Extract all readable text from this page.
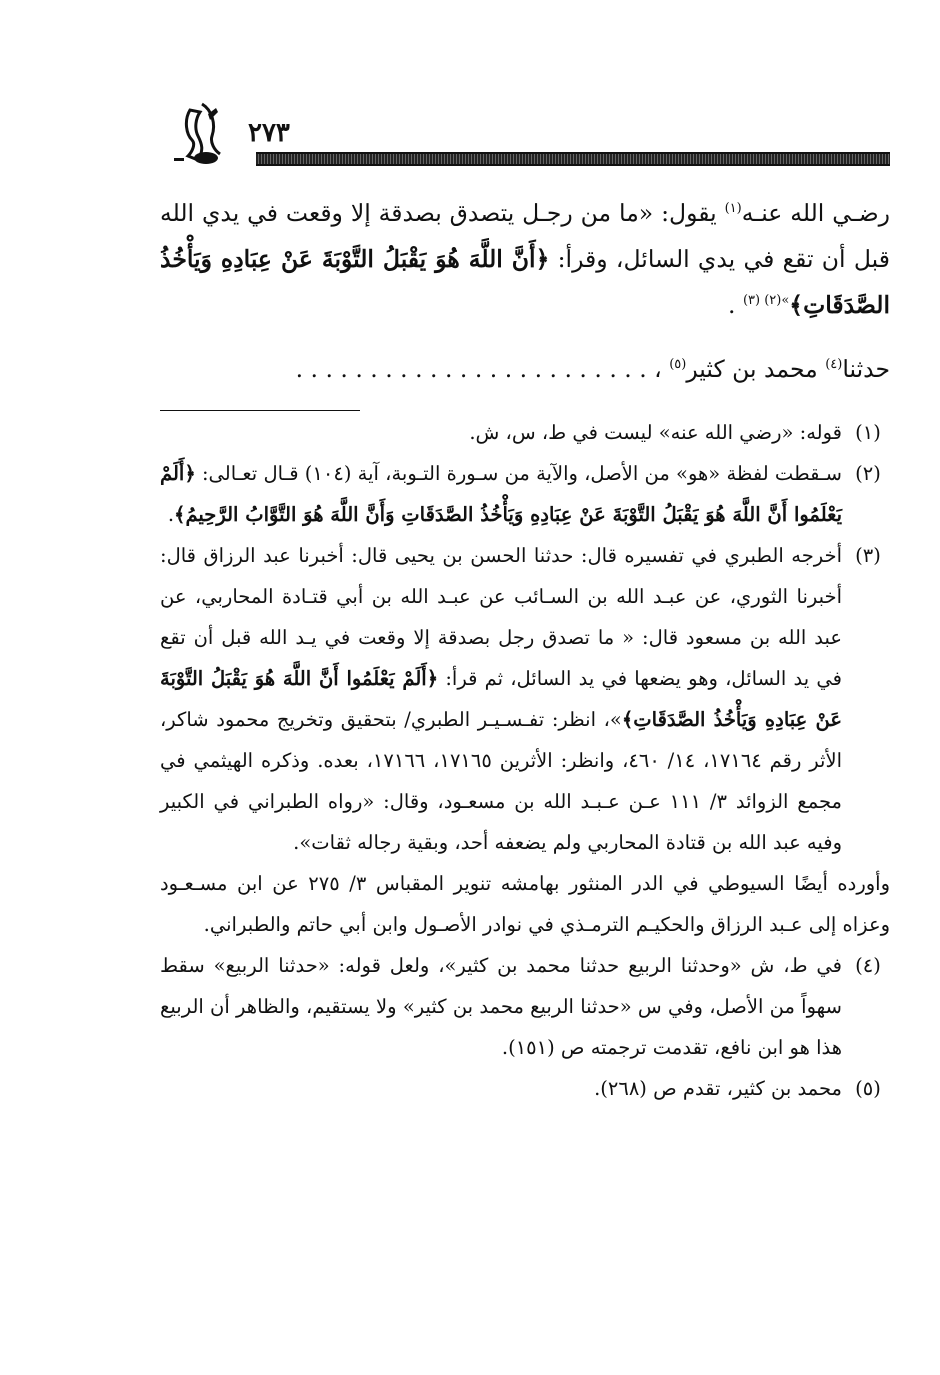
٢٧٣

رضـي الله عنـه$^{(١)}$ يقول: «ما من رجـل يتصدق بصدقة إلا وقعت في يدي الله قبل أن تقع في يدي السائل، وقرأ: ﴿أَنَّ اللَّهَ هُوَ يَقْبَلُ التَّوْبَةَ عَنْ عِبَادِهِ وَيَأْخُذُ الصَّدَقَاتِ﴾$^{»(٢) (٣)}$ .

حدثنا$^{(٤)}$ محمد بن كثير$^{(٥)}$ ، . . . . . . . . . . . . . . . . . . . . . . . .

(١)
قوله: «رضي الله عنه» ليست في ط، س، ش.

(٢)
سـقطت لفظة «هو» من الأصل، والآية من سـورة التـوبة، آية (١٠٤) قـال تعـالى: ﴿أَلَمْ يَعْلَمُوا أَنَّ اللَّهَ هُوَ يَقْبَلُ التَّوْبَةَ عَنْ عِبَادِهِ وَيَأْخُذُ الصَّدَقَاتِ وَأَنَّ اللَّهَ هُوَ التَّوَّابُ الرَّحِيمُ﴾.

(٣)
أخرجه الطبري في تفسيره قال: حدثنا الحسن بن يحيى قال: أخبرنا عبد الرزاق قال: أخبرنا الثوري، عن عبـد الله بن السـائب عن عبـد الله بن أبي قتـادة المحاربي، عن عبد الله بن مسعود قال: « ما تصدق رجل بصدقة إلا وقعت في يـد الله قبل أن تقع في يد السائل، وهو يضعها في يد السائل، ثم قرأ: ﴿أَلَمْ يَعْلَمُوا أَنَّ اللَّهَ هُوَ يَقْبَلُ التَّوْبَةَ عَنْ عِبَادِهِ وَيَأْخُذُ الصَّدَقَاتِ﴾»، انظر: تفـسـيـر الطبري/ بتحقيق وتخريج محمود شاكر، الأثر رقم ١٧١٦٤، ١٤/ ٤٦٠، وانظر: الأثرين ١٧١٦٥، ١٧١٦٦، بعده. وذكره الهيثمي في مجمع الزوائد ٣/ ١١١ عـن عـبـد الله بن مسعـود، وقال: «رواه الطبراني في الكبير وفيه عبد الله بن قتادة المحاربي ولم يضعفه أحد، وبقية رجاله ثقات».

وأورده أيضًا السيوطي في الدر المنثور بهامشه تنوير المقباس ٣/ ٢٧٥ عن ابن مسـعـود وعزاه إلى عـبد الرزاق والحكيـم الترمـذي في نوادر الأصـول وابن أبي حاتم والطبراني.

(٤)
في ط، ش «وحدثنا الربيع حدثنا محمد بن كثير»، ولعل قوله: «حدثنا الربيع» سقط سهواً من الأصل، وفي س «حدثنا الربيع محمد بن كثير» ولا يستقيم، والظاهر أن الربيع هذا هو ابن نافع، تقدمت ترجمته ص (١٥١).

(٥)
محمد بن كثير، تقدم ص (٢٦٨).
